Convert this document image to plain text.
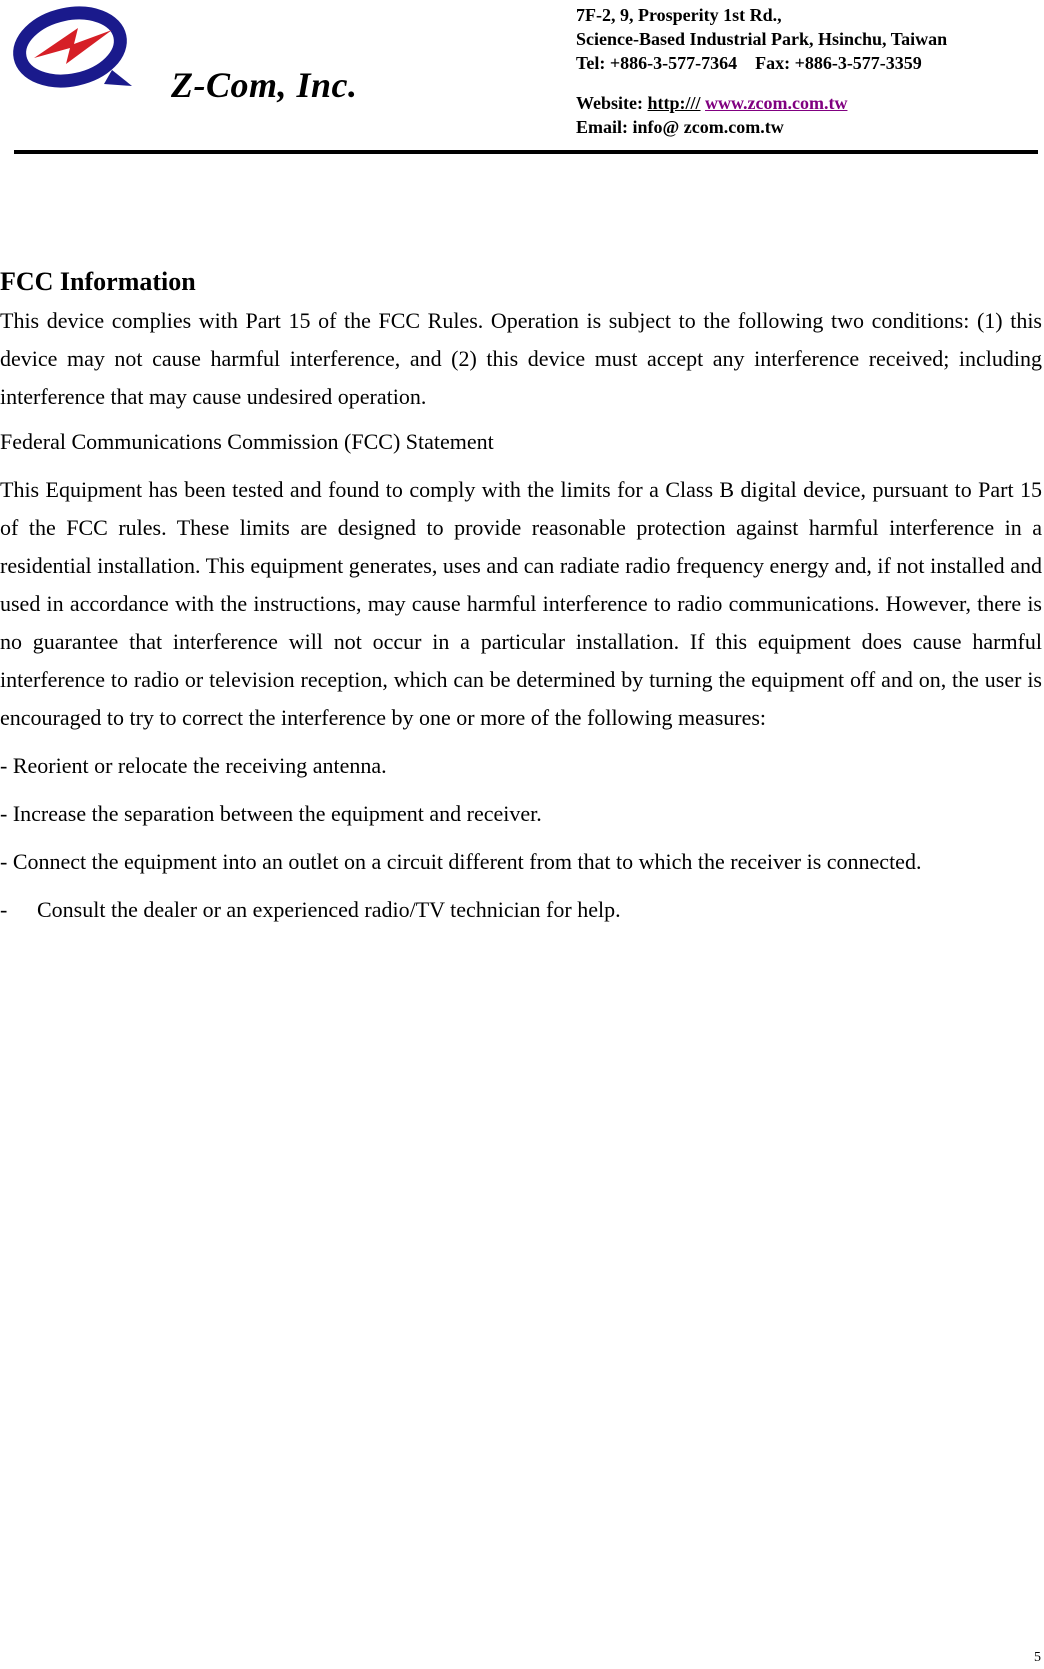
Z-Com, Inc.
7F-2, 9, Prosperity 1st Rd.,
Science-Based Industrial Park, Hsinchu, Taiwan
Tel: +886-3-577-7364    Fax: +886-3-577-3359
Website: http:/// www.zcom.com.tw
Email: info@ zcom.com.tw
FCC Information

This device complies with Part 15 of the FCC Rules. Operation is subject to the following two conditions: (1) this device may not cause harmful interference, and (2) this device must accept any interference received; including interference that may cause undesired operation.

Federal Communications Commission (FCC) Statement

This Equipment has been tested and found to comply with the limits for a Class B digital device, pursuant to Part 15 of the FCC rules. These limits are designed to provide reasonable protection against harmful interference in a residential installation. This equipment generates, uses and can radiate radio frequency energy and, if not installed and used in accordance with the instructions, may cause harmful interference to radio communications. However, there is no guarantee that interference will not occur in a particular installation. If this equipment does cause harmful interference to radio or television reception, which can be determined by turning the equipment off and on, the user is encouraged to try to correct the interference by one or more of the following measures:

- Reorient or relocate the receiving antenna.

- Increase the separation between the equipment and receiver.

- Connect the equipment into an outlet on a circuit different from that to which the receiver is connected.

- Consult the dealer or an experienced radio/TV technician for help.

5
